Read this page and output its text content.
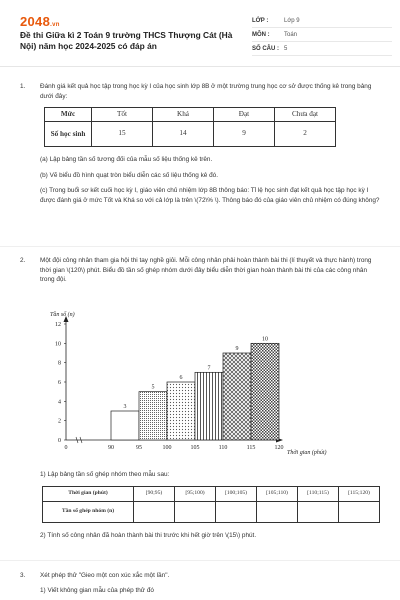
2048.vn
Đề thi Giữa kì 2 Toán 9 trường THCS Thượng Cát (Hà Nội) năm học 2024-2025 có đáp án
LỚP :	Lớp 9
MÔN :	Toán
SỐ CÂU : 5
1. Đánh giá kết quả học tập trong học kỳ I của học sinh lớp 8B ở một trường trung học cơ sở được thống kê trong bảng dưới đây:
Mức	Tốt	Khá	Đạt	Chưa đạt
Số học sinh	15	14	9	2
(a) Lập bảng tần số tương đối của mẫu số liệu thống kê trên.
(b) Vẽ biểu đồ hình quạt tròn biểu diễn các số liệu thống kê đó.
(c) Trong buổi sơ kết cuối học kỳ I, giáo viên chủ nhiệm lớp 8B thông báo: Tỉ lệ học sinh đạt kết quả học tập học kỳ I được đánh giá ở mức Tốt và Khá so với cả lớp là trên \(72\% \). Thông báo đó của giáo viên chủ nhiệm có đúng không?
2. Một đội công nhân tham gia hội thi tay nghề giỏi. Mỗi công nhân phải hoàn thành bài thi (lí thuyết và thực hành) trong thời gian \(120\) phút. Biểu đồ tần số ghép nhóm dưới đây biểu diễn thời gian hoàn thành bài thi của các công nhân trong đội.
0
2
4
6
8
10
12
0	90	95	100	105	110	115	120
3
5
6
7
9
10
Tần số (n)
Thời gian (phút)
1) Lập bảng tần số ghép nhóm theo mẫu sau:
Thời gian (phút)	[90;95)	[95;100)	[100;105)	[105;110)	[110;115)	[115;120)
Tần số ghép nhóm (n)						
2) Tính số công nhân đã hoàn thành bài thi trước khi hết giờ trên \(15\) phút.
3. Xét phép thử "Gieo một con xúc xắc một lần".
1) Viết không gian mẫu của phép thử đó
